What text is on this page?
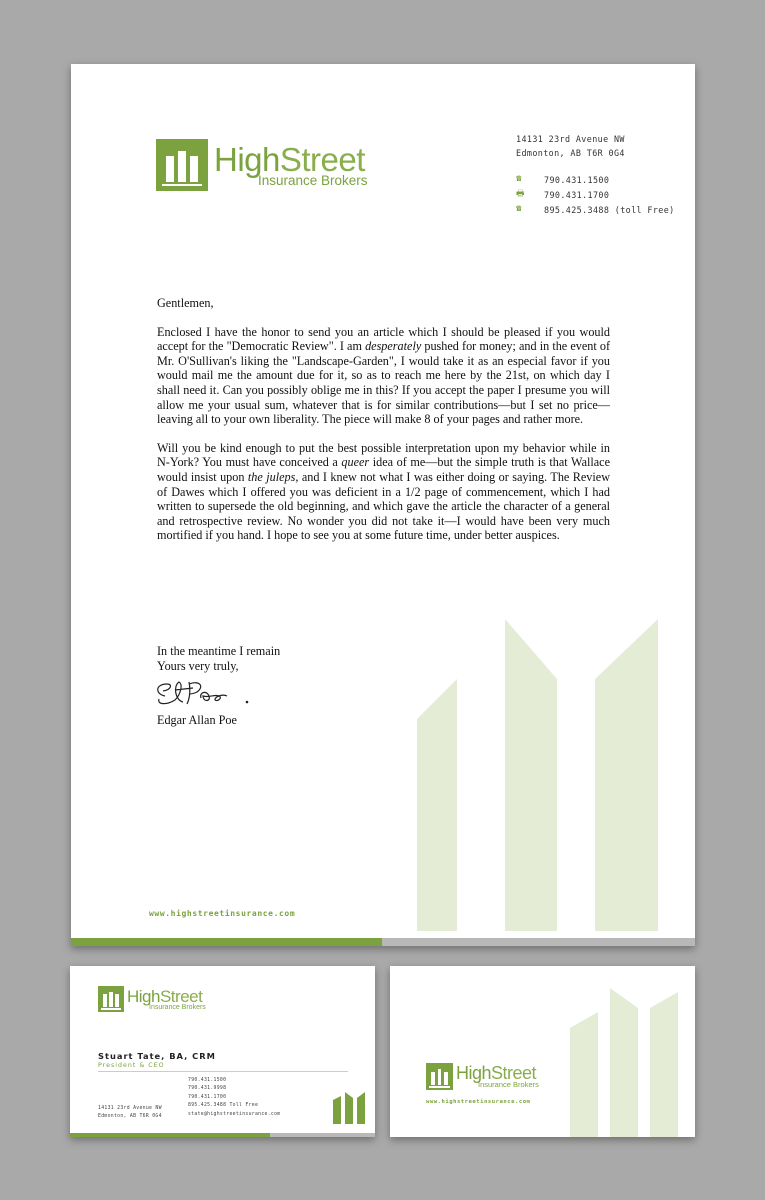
HighStreet
Insurance Brokers
14131 23rd Avenue NW
Edmonton, AB T6R 0G4
☎	790.431.1500
🖶 790.431.1700
☎	895.425.3488 (toll Free)

Gentlemen,

Enclosed I have the honor to send you an article which I should be pleased if you would accept for the "Democratic Review". I am desperately pushed for money; and in the event of Mr. O'Sullivan's liking the "Landscape-Garden", I would take it as an especial favor if you would mail me the amount due for it, so as to reach me here by the 21st, on which day I shall need it. Can you possibly oblige me in this? If you accept the paper I presume you will allow me your usual sum, whatever that is for similar contributions—but I set no price—leaving all to your own liberality. The piece will make 8 of your pages and rather more.

Will you be kind enough to put the best possible interpretation upon my behavior while in N-York? You must have conceived a queer idea of me—but the simple truth is that Wallace would insist upon the juleps, and I knew not what I was either doing or saying. The Review of Dawes which I offered you was deficient in a 1/2 page of commencement, which I had written to supersede the old beginning, and which gave the article the character of a general and retrospective review. No wonder you did not take it—I would have been very much mortified if you hand. I hope to see you at some future time, under better auspices.

In the meantime I remain
Yours very truly,
Edgar Allan Poe
www.highstreetinsurance.com
HighStreet
Insurance Brokers
Stuart Tate, BA, CRM
President & CEO
790.431.1500
790.431.9998
790.431.1700
895.425.3488 Toll Free
state@highstreetinsurance.com
14131 23rd Avenue NW
Edmonton, AB T6R 0G4
HighStreet
Insurance Brokers
www.highstreetinsurance.com
